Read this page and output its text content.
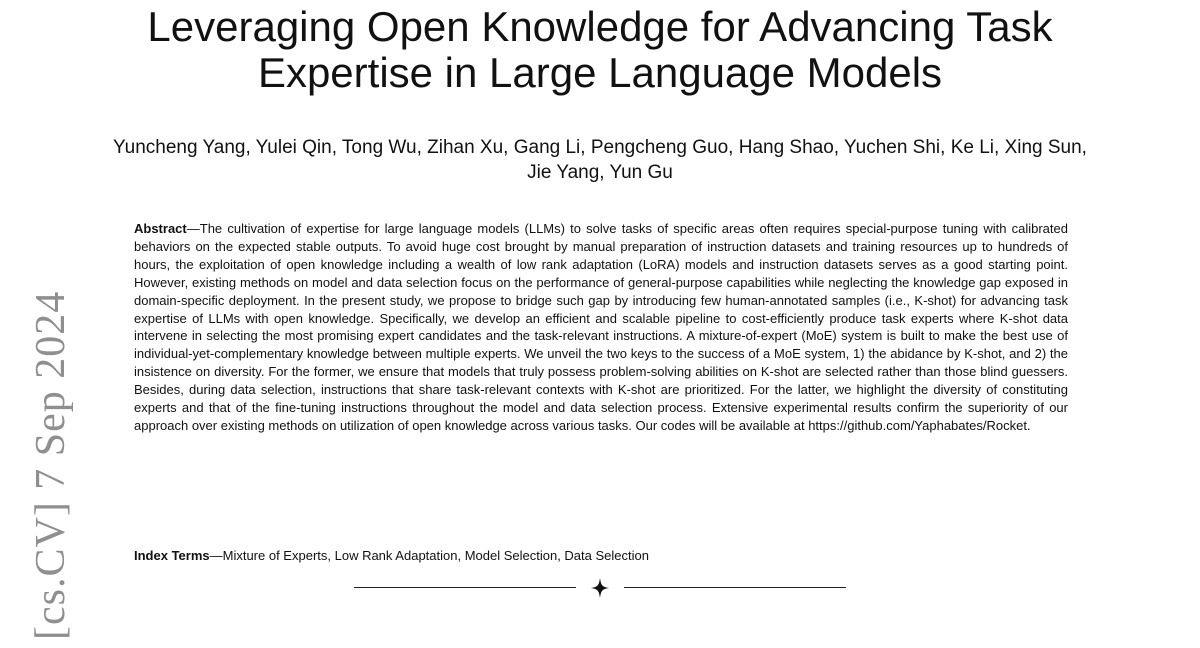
Leveraging Open Knowledge for Advancing Task Expertise in Large Language Models
Yuncheng Yang, Yulei Qin, Tong Wu, Zihan Xu, Gang Li, Pengcheng Guo, Hang Shao, Yuchen Shi, Ke Li, Xing Sun, Jie Yang, Yun Gu

Abstract—The cultivation of expertise for large language models (LLMs) to solve tasks of specific areas often requires special-purpose tuning with calibrated behaviors on the expected stable outputs. To avoid huge cost brought by manual preparation of instruction datasets and training resources up to hundreds of hours, the exploitation of open knowledge including a wealth of low rank adaptation (LoRA) models and instruction datasets serves as a good starting point. However, existing methods on model and data selection focus on the performance of general-purpose capabilities while neglecting the knowledge gap exposed in domain-specific deployment. In the present study, we propose to bridge such gap by introducing few human-annotated samples (i.e., K-shot) for advancing task expertise of LLMs with open knowledge. Specifically, we develop an efficient and scalable pipeline to cost-efficiently produce task experts where K-shot data intervene in selecting the most promising expert candidates and the task-relevant instructions. A mixture-of-expert (MoE) system is built to make the best use of individual-yet-complementary knowledge between multiple experts. We unveil the two keys to the success of a MoE system, 1) the abidance by K-shot, and 2) the insistence on diversity. For the former, we ensure that models that truly possess problem-solving abilities on K-shot are selected rather than those blind guessers. Besides, during data selection, instructions that share task-relevant contexts with K-shot are prioritized. For the latter, we highlight the diversity of constituting experts and that of the fine-tuning instructions throughout the model and data selection process. Extensive experimental results confirm the superiority of our approach over existing methods on utilization of open knowledge across various tasks. Our codes will be available at https://github.com/Yaphabates/Rocket.

Index Terms—Mixture of Experts, Low Rank Adaptation, Model Selection, Data Selection

[cs.CV] 7 Sep 2024
